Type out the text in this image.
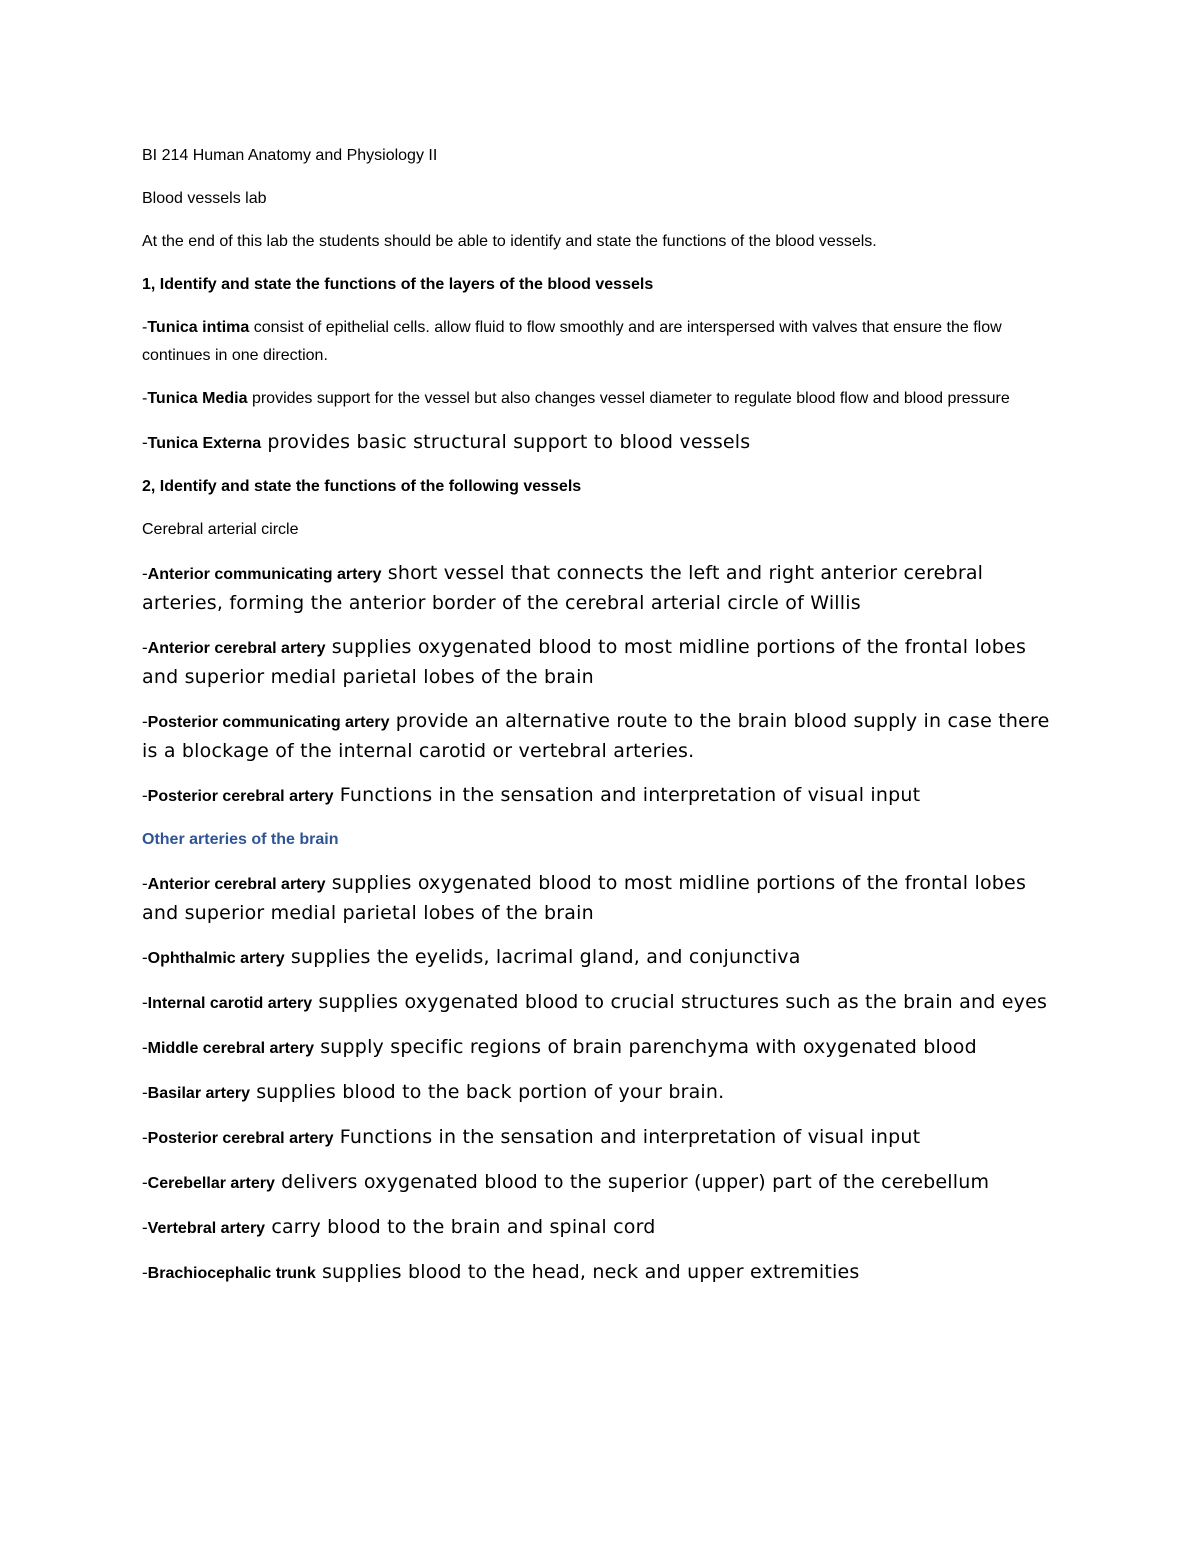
BI 214 Human Anatomy and Physiology II

Blood vessels lab

At the end of this lab the students should be able to identify and state the functions of the blood vessels.

1, Identify and state the functions of the layers of the blood vessels

-Tunica intima consist of epithelial cells. allow fluid to flow smoothly and are interspersed with valves that ensure the flow continues in one direction.

-Tunica Media provides support for the vessel but also changes vessel diameter to regulate blood flow and blood pressure

-Tunica Externa provides basic structural support to blood vessels

2, Identify and state the functions of the following vessels

Cerebral arterial circle

-Anterior communicating artery short vessel that connects the left and right anterior cerebral arteries, forming the anterior border of the cerebral arterial circle of Willis

-Anterior cerebral artery supplies oxygenated blood to most midline portions of the frontal lobes and superior medial parietal lobes of the brain

-Posterior communicating artery provide an alternative route to the brain blood supply in case there is a blockage of the internal carotid or vertebral arteries.

-Posterior cerebral artery Functions in the sensation and interpretation of visual input

Other arteries of the brain

-Anterior cerebral artery supplies oxygenated blood to most midline portions of the frontal lobes and superior medial parietal lobes of the brain

-Ophthalmic artery supplies the eyelids, lacrimal gland, and conjunctiva

-Internal carotid artery supplies oxygenated blood to crucial structures such as the brain and eyes

-Middle cerebral artery supply specific regions of brain parenchyma with oxygenated blood

-Basilar artery supplies blood to the back portion of your brain.

-Posterior cerebral artery Functions in the sensation and interpretation of visual input

-Cerebellar artery delivers oxygenated blood to the superior (upper) part of the cerebellum

-Vertebral artery carry blood to the brain and spinal cord

-Brachiocephalic trunk supplies blood to the head, neck and upper extremities
